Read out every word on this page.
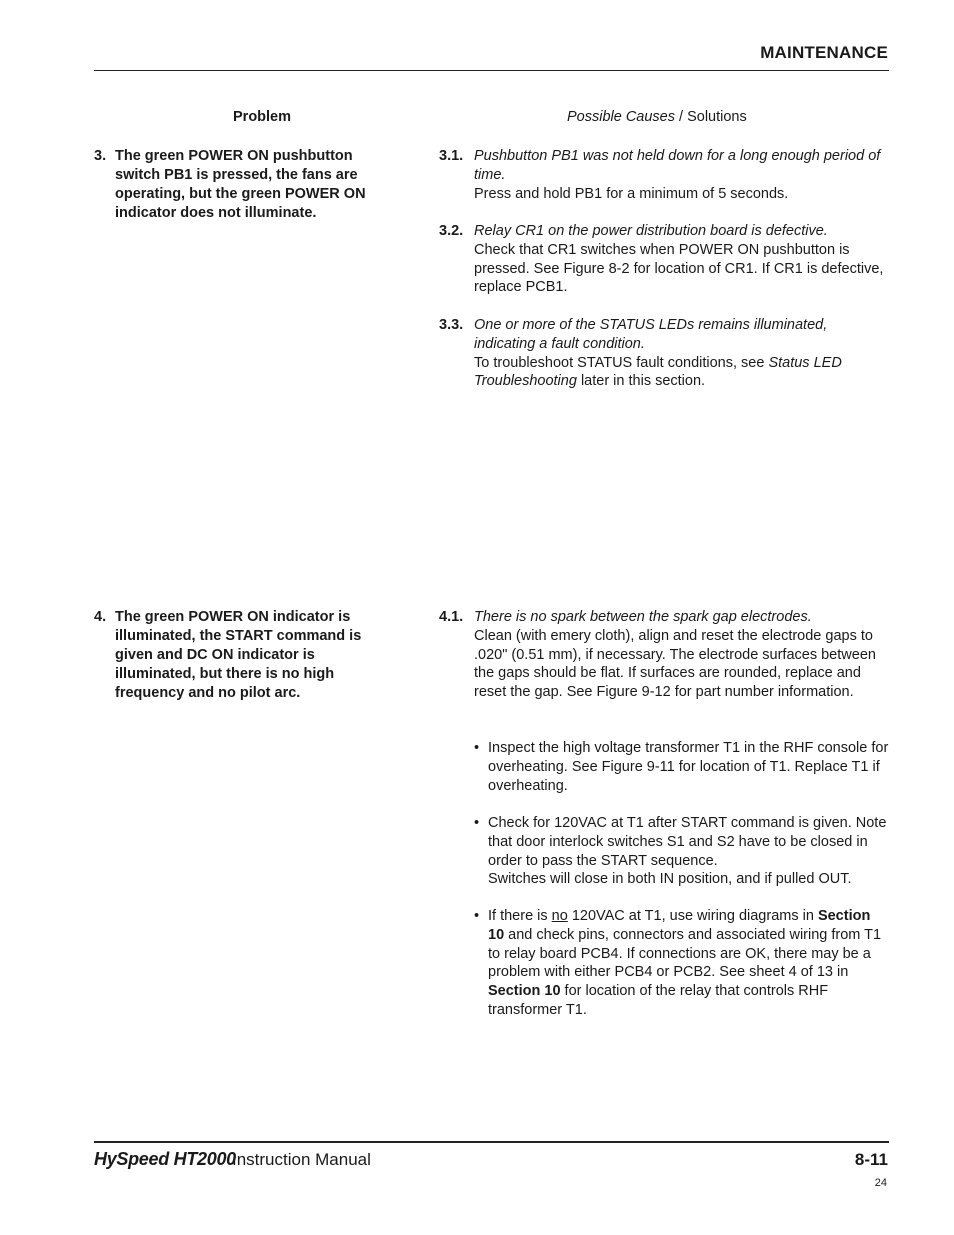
MAINTENANCE
Problem	Possible Causes / Solutions
3. The green POWER ON pushbutton switch PB1 is pressed, the fans are operating, but the green POWER ON indicator does not illuminate.
3.1. Pushbutton PB1 was not held down for a long enough period of time.
Press and hold PB1 for a minimum of 5 seconds.
3.2. Relay CR1 on the power distribution board is defective.
Check that CR1 switches when POWER ON pushbutton is pressed. See Figure 8-2 for location of CR1. If CR1 is defective, replace PCB1.
3.3. One or more of the STATUS LEDs remains illuminated, indicating a fault condition.
To troubleshoot STATUS fault conditions, see Status LED Troubleshooting later in this section.
4. The green POWER ON indicator is illuminated, the START command is given and DC ON indicator is illuminated, but there is no high frequency and no pilot arc.
4.1. There is no spark between the spark gap electrodes.
Clean (with emery cloth), align and reset the electrode gaps to .020" (0.51 mm), if necessary. The electrode surfaces between the gaps should be flat. If surfaces are rounded, replace and reset the gap. See Figure 9-12 for part number information.
• Inspect the high voltage transformer T1 in the RHF console for overheating. See Figure 9-11 for location of T1. Replace T1 if overheating.
• Check for 120VAC at T1 after START command is given. Note that door interlock switches S1 and S2 have to be closed in order to pass the START sequence.
Switches will close in both IN position, and if pulled OUT.
• If there is no 120VAC at T1, use wiring diagrams in Section 10 and check pins, connectors and associated wiring from T1 to relay board PCB4. If connections are OK, there may be a problem with either PCB4 or PCB2. See sheet 4 of 13 in Section 10 for location of the relay that controls RHF transformer T1.
HySpeed HT2000
Instruction Manual	8-11
24
